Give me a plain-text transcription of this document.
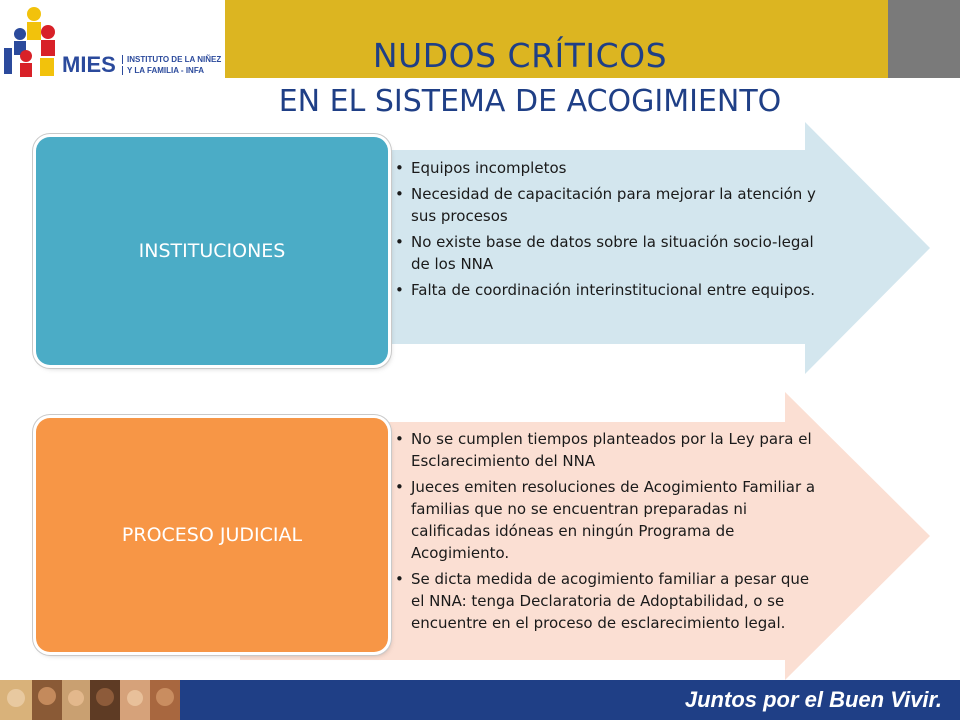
MIES	INSTITUTO DE LA NIÑEZ
Y LA FAMILIA - INFA	NUDOS CRÍTICOS
EN EL SISTEMA DE ACOGIMIENTO
INSTITUCIONES
• Equipos incompletos
• Necesidad de capacitación para mejorar la atención y sus procesos
• No existe base de datos sobre la situación socio-legal de los NNA
• Falta de coordinación interinstitucional entre equipos.
PROCESO JUDICIAL
• No se cumplen tiempos planteados por la Ley para el Esclarecimiento del NNA
• Jueces emiten resoluciones de Acogimiento Familiar a familias que no se encuentran preparadas ni calificadas idóneas en ningún Programa de Acogimiento.
• Se dicta medida de acogimiento familiar a pesar que el NNA: tenga Declaratoria de Adoptabilidad, o se encuentre en el proceso de esclarecimiento legal.
Juntos por el Buen Vivir.
